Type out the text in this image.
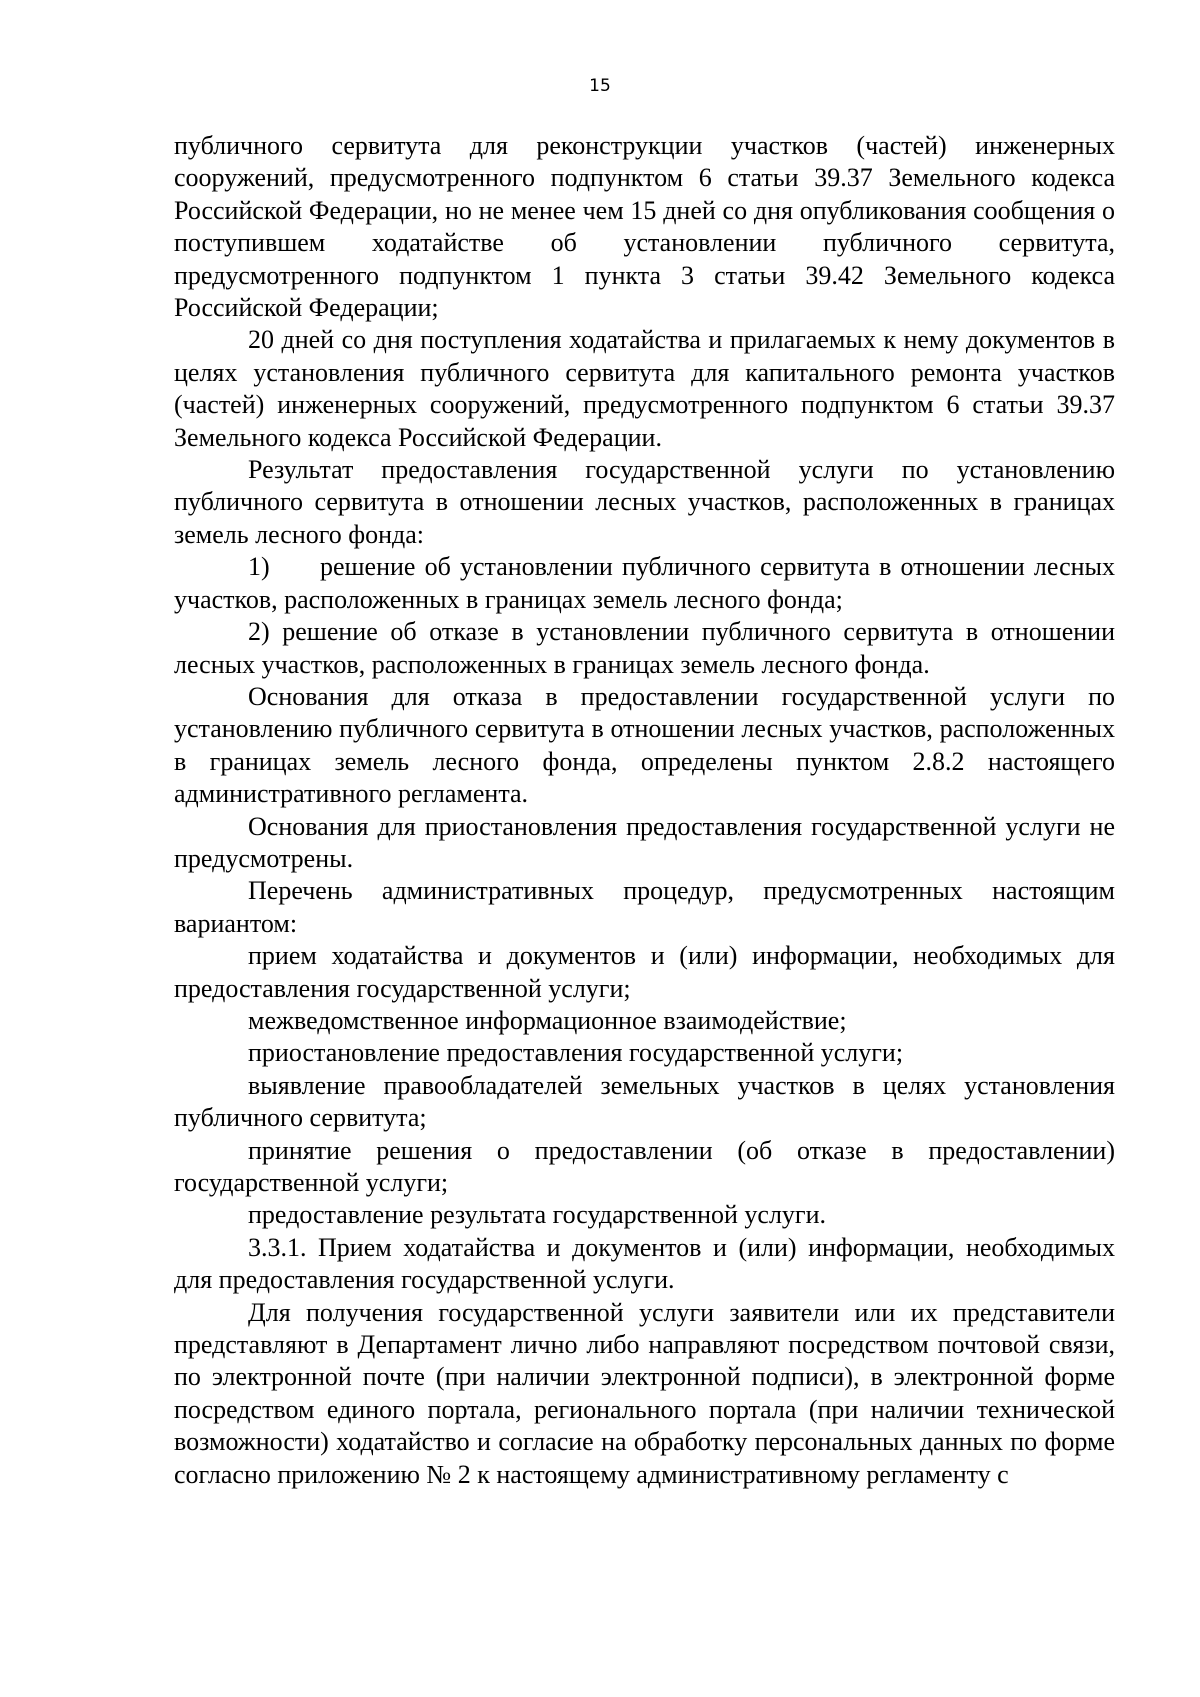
15

публичного сервитута для реконструкции участков (частей) инженерных сооружений, предусмотренного подпунктом 6 статьи 39.37 Земельного кодекса Российской Федерации, но не менее чем 15 дней со дня опубликования сообщения о поступившем ходатайстве об установлении публичного сервитута, предусмотренного подпунктом 1 пункта 3 статьи 39.42 Земельного кодекса Российской Федерации;

20 дней со дня поступления ходатайства и прилагаемых к нему документов в целях установления публичного сервитута для капитального ремонта участков (частей) инженерных сооружений, предусмотренного подпунктом 6 статьи 39.37 Земельного кодекса Российской Федерации.

Результат предоставления государственной услуги по установлению публичного сервитута в отношении лесных участков, расположенных в границах земель лесного фонда:

1) решение об установлении публичного сервитута в отношении лесных участков, расположенных в границах земель лесного фонда;

2) решение об отказе в установлении публичного сервитута в отношении лесных участков, расположенных в границах земель лесного фонда.

Основания для отказа в предоставлении государственной услуги по установлению публичного сервитута в отношении лесных участков, расположенных в границах земель лесного фонда, определены пунктом 2.8.2 настоящего административного регламента.

Основания для приостановления предоставления государственной услуги не предусмотрены.

Перечень административных процедур, предусмотренных настоящим вариантом:

прием ходатайства и документов и (или) информации, необходимых для предоставления государственной услуги;

межведомственное информационное взаимодействие;

приостановление предоставления государственной услуги;

выявление правообладателей земельных участков в целях установления публичного сервитута;

принятие решения о предоставлении (об отказе в предоставлении) государственной услуги;

предоставление результата государственной услуги.

3.3.1. Прием ходатайства и документов и (или) информации, необходимых для предоставления государственной услуги.

Для получения государственной услуги заявители или их представители представляют в Департамент лично либо направляют посредством почтовой связи, по электронной почте (при наличии электронной подписи), в электронной форме посредством единого портала, регионального портала (при наличии технической возможности) ходатайство и согласие на обработку персональных данных по форме согласно приложению № 2 к настоящему административному регламенту с
